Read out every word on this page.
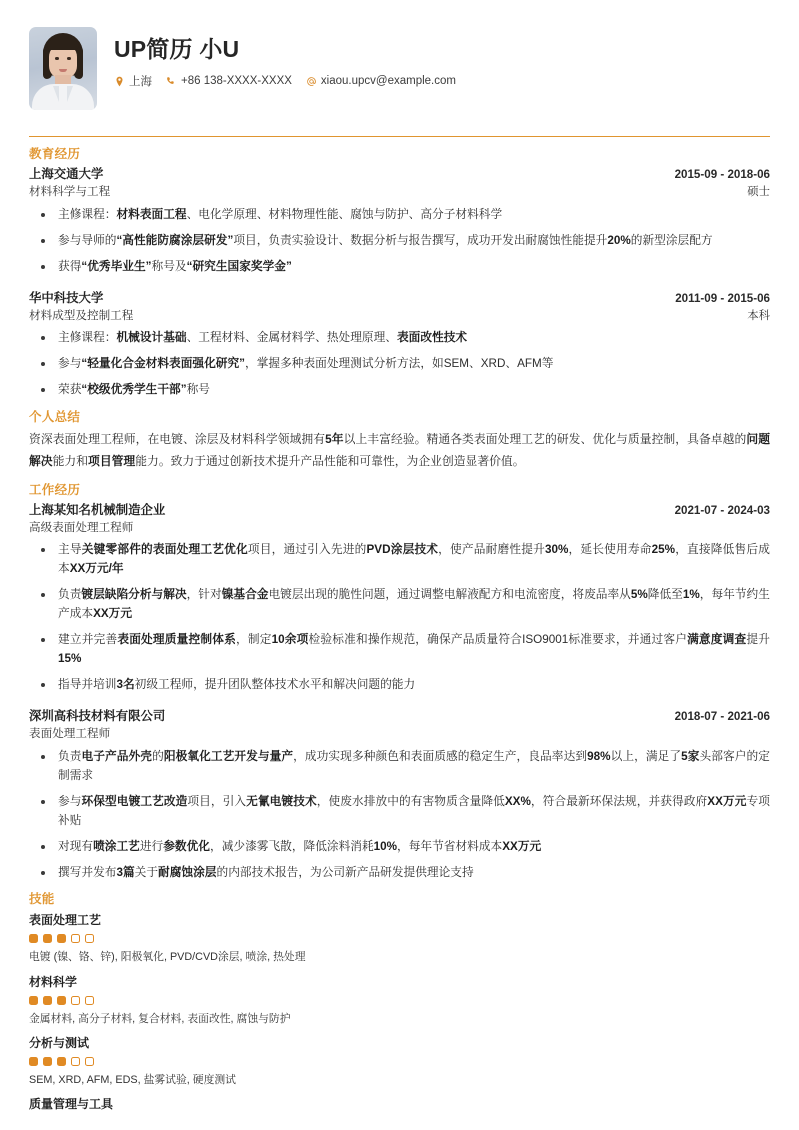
UP简历 小U
上海	+86 138-XXXX-XXXX	xiaou.upcv@example.com
教育经历
上海交通大学	2015-09 - 2018-06
材料科学与工程	硕士
主修课程：材料表面工程、电化学原理、材料物理性能、腐蚀与防护、高分子材料科学
参与导师的“高性能防腐涂层研发”项目，负责实验设计、数据分析与报告撰写，成功开发出耐腐蚀性能提升20%的新型涂层配方
获得“优秀毕业生”称号及“研究生国家奖学金”
华中科技大学	2011-09 - 2015-06
材料成型及控制工程	本科
主修课程：机械设计基础、工程材料、金属材料学、热处理原理、表面改性技术
参与“轻量化合金材料表面强化研究”，掌握多种表面处理测试分析方法，如SEM、XRD、AFM等
荣获“校级优秀学生干部”称号
个人总结

资深表面处理工程师，在电镀、涂层及材料科学领域拥有5年以上丰富经验。精通各类表面处理工艺的研发、优化与质量控制，具备卓越的问题解决能力和项目管理能力。致力于通过创新技术提升产品性能和可靠性，为企业创造显著价值。

工作经历
上海某知名机械制造企业	2021-07 - 2024-03
高级表面处理工程师
主导关键零部件的表面处理工艺优化项目，通过引入先进的PVD涂层技术，使产品耐磨性提升30%，延长使用寿命25%，直接降低售后成本XX万元/年
负责镀层缺陷分析与解决，针对镍基合金电镀层出现的脆性问题，通过调整电解液配方和电流密度，将废品率从5%降低至1%，每年节约生产成本XX万元
建立并完善表面处理质量控制体系，制定10余项检验标准和操作规范，确保产品质量符合ISO9001标准要求，并通过客户满意度调查提升15%
指导并培训3名初级工程师，提升团队整体技术水平和解决问题的能力
深圳高科技材料有限公司	2018-07 - 2021-06
表面处理工程师
负责电子产品外壳的阳极氧化工艺开发与量产，成功实现多种颜色和表面质感的稳定生产，良品率达到98%以上，满足了5家头部客户的定制需求
参与环保型电镀工艺改造项目，引入无氰电镀技术，使废水排放中的有害物质含量降低XX%，符合最新环保法规，并获得政府XX万元专项补贴
对现有喷涂工艺进行参数优化，减少漆雾飞散，降低涂料消耗10%，每年节省材料成本XX万元
撰写并发布3篇关于耐腐蚀涂层的内部技术报告，为公司新产品研发提供理论支持
技能
表面处理工艺
电镀 (镍、铬、锌), 阳极氧化, PVD/CVD涂层, 喷涂, 热处理
材料科学
金属材料, 高分子材料, 复合材料, 表面改性, 腐蚀与防护
分析与测试
SEM, XRD, AFM, EDS, 盐雾试验, 硬度测试
质量管理与工具
